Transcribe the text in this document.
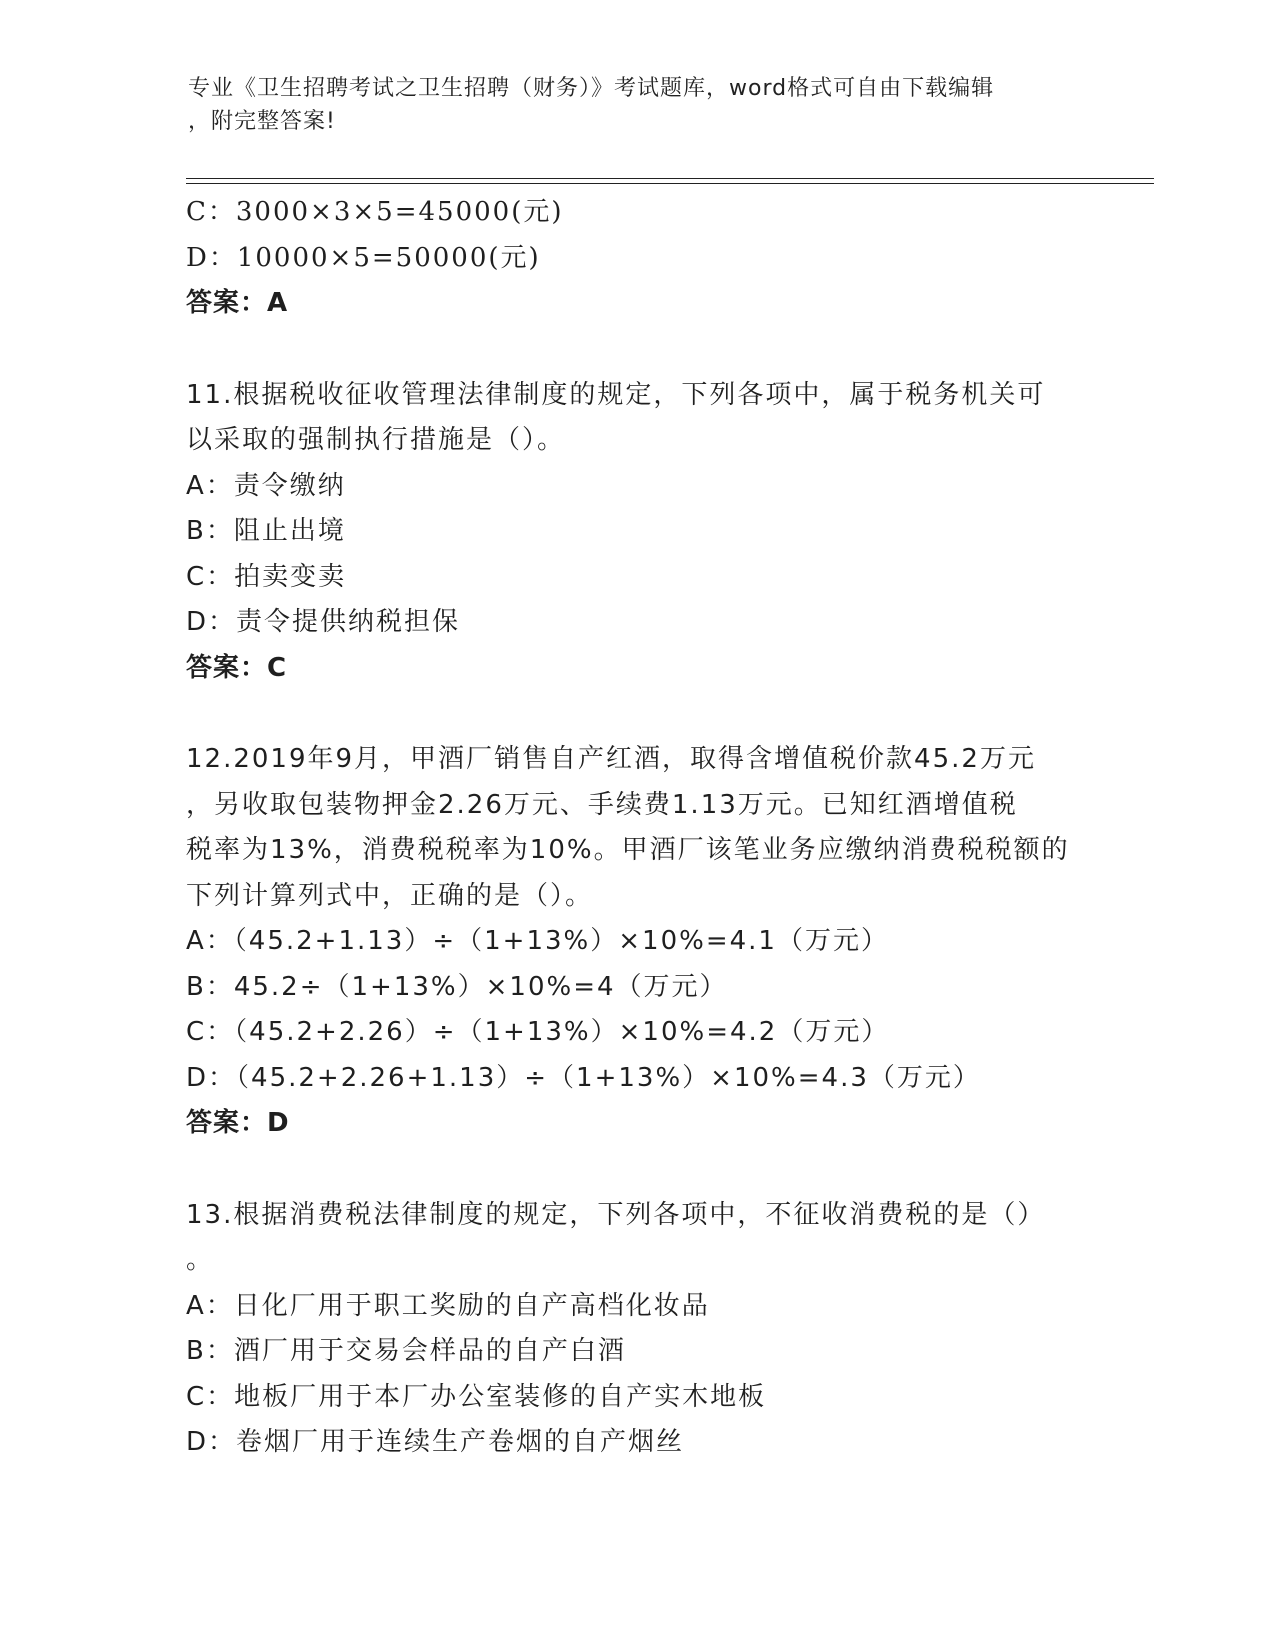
专业《卫生招聘考试之卫生招聘（财务）》考试题库，word格式可自由下载编辑
，附完整答案!
C：3000×3×5=45000(元)
D：10000×5=50000(元)
答案：A
11.根据税收征收管理法律制度的规定，下列各项中，属于税务机关可
以采取的强制执行措施是（）。
A：责令缴纳
B：阻止出境
C：拍卖变卖
D：责令提供纳税担保
答案：C
12.2019年9月，甲酒厂销售自产红酒，取得含增值税价款45.2万元
，另收取包装物押金2.26万元、手续费1.13万元。已知红酒增值税
税率为13%，消费税税率为10%。甲酒厂该笔业务应缴纳消费税税额的
下列计算列式中，正确的是（）。
A：（45.2+1.13）÷（1+13%）×10%=4.1（万元）
B：45.2÷（1+13%）×10%=4（万元）
C：（45.2+2.26）÷（1+13%）×10%=4.2（万元）
D：（45.2+2.26+1.13）÷（1+13%）×10%=4.3（万元）
答案：D
13.根据消费税法律制度的规定，下列各项中，不征收消费税的是（）
。
A：日化厂用于职工奖励的自产高档化妆品
B：酒厂用于交易会样品的自产白酒
C：地板厂用于本厂办公室装修的自产实木地板
D：卷烟厂用于连续生产卷烟的自产烟丝
